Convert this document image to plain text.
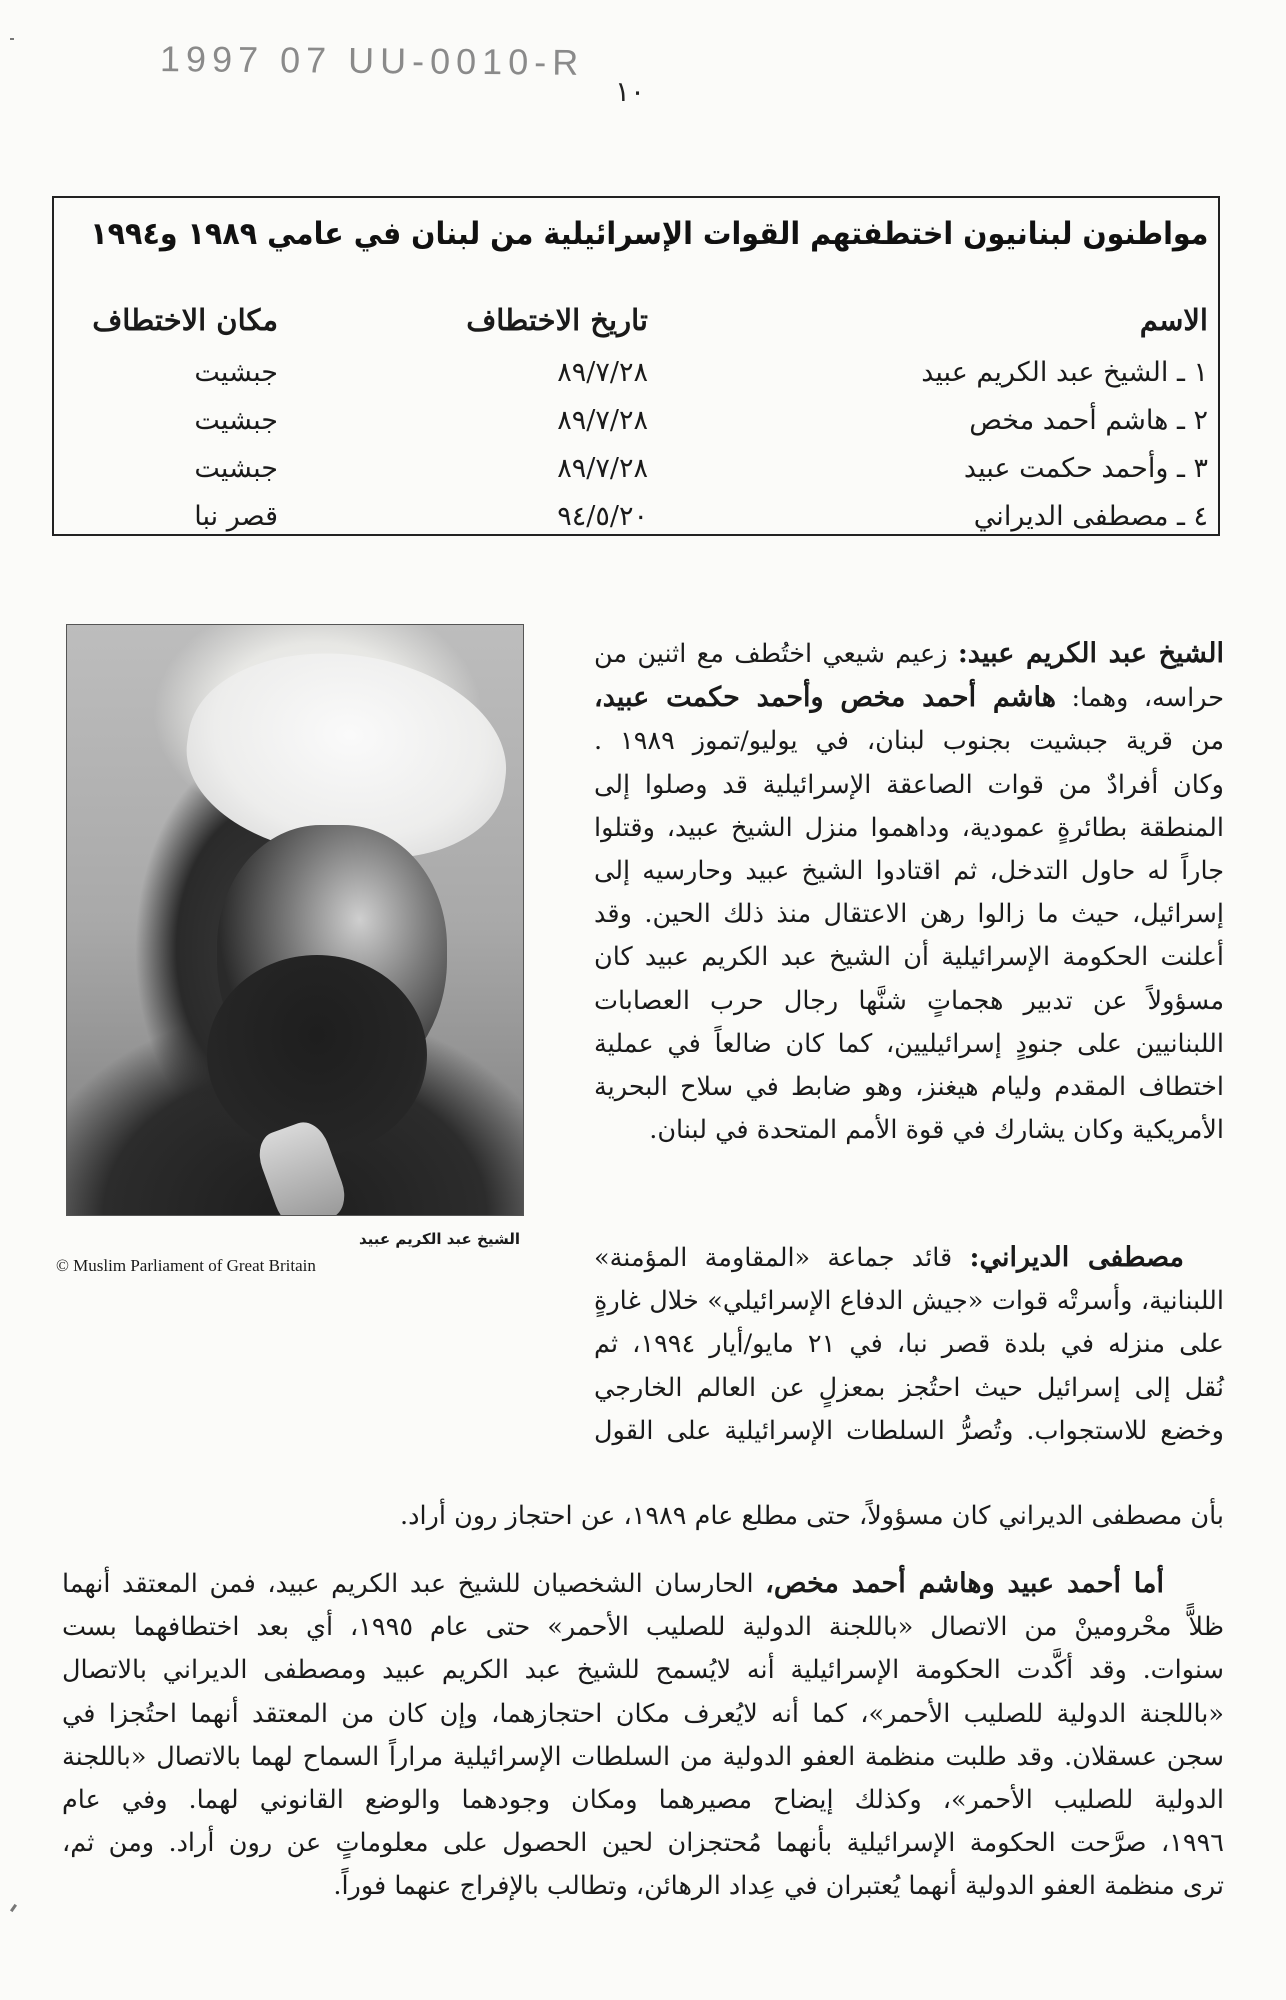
1997 07 UU-0010-R
١٠
مواطنون لبنانيون اختطفتهم القوات الإسرائيلية من لبنان في عامي ١٩٨٩ و١٩٩٤
الاسم	تاريخ الاختطاف	مكان الاختطاف
١ ـ الشيخ عبد الكريم عبيد	٨٩/٧/٢٨	جبشيت
٢ ـ هاشم أحمد مخص	٨٩/٧/٢٨	جبشيت
٣ ـ وأحمد حكمت عبيد	٨٩/٧/٢٨	جبشيت
٤ ـ مصطفى الديراني	٩٤/٥/٢٠	قصر نبا
الشيخ عبد الكريم عبيد
© Muslim Parliament of Great Britain
الشيخ عبد الكريم عبيد: زعيم شيعي اختُطف مع اثنين من
حراسه، وهما: هاشم أحمد مخص وأحمد حكمت عبيد،
من قرية جبشيت بجنوب لبنان، في يوليو/تموز ١٩٨٩ .
وكان أفرادٌ من قوات الصاعقة الإسرائيلية قد وصلوا إلى
المنطقة بطائرةٍ عمودية، وداهموا منزل الشيخ عبيد، وقتلوا
جاراً له حاول التدخل، ثم اقتادوا الشيخ عبيد وحارسيه إلى
إسرائيل، حيث ما زالوا رهن الاعتقال منذ ذلك الحين. وقد
أعلنت الحكومة الإسرائيلية أن الشيخ عبد الكريم عبيد كان
مسؤولاً عن تدبير هجماتٍ شنَّها رجال حرب العصابات
اللبنانيين على جنودٍ إسرائيليين، كما كان ضالعاً في عملية
اختطاف المقدم وليام هيغنز، وهو ضابط في سلاح البحرية
الأمريكية وكان يشارك في قوة الأمم المتحدة في لبنان.
مصطفى الديراني: قائد جماعة «المقاومة المؤمنة»
اللبنانية، وأسرتْه قوات «جيش الدفاع الإسرائيلي» خلال غارةٍ
على منزله في بلدة قصر نبا، في ٢١ مايو/أيار ١٩٩٤، ثم
نُقل إلى إسرائيل حيث احتُجز بمعزلٍ عن العالم الخارجي
وخضع للاستجواب. وتُصرُّ السلطات الإسرائيلية على القول
بأن مصطفى الديراني كان مسؤولاً، حتى مطلع عام ١٩٨٩، عن احتجاز رون أراد.
أما أحمد عبيد وهاشم أحمد مخص، الحارسان الشخصيان للشيخ عبد الكريم عبيد، فمن المعتقد أنهما
ظلاًّ محْرومينْ من الاتصال «باللجنة الدولية للصليب الأحمر» حتى عام ١٩٩٥، أي بعد اختطافهما بست
سنوات. وقد أكَّدت الحكومة الإسرائيلية أنه لايُسمح للشيخ عبد الكريم عبيد ومصطفى الديراني بالاتصال
«باللجنة الدولية للصليب الأحمر»، كما أنه لايُعرف مكان احتجازهما، وإن كان من المعتقد أنهما احتُجزا في
سجن عسقلان. وقد طلبت منظمة العفو الدولية من السلطات الإسرائيلية مراراً السماح لهما بالاتصال «باللجنة
الدولية للصليب الأحمر»، وكذلك إيضاح مصيرهما ومكان وجودهما والوضع القانوني لهما. وفي عام
١٩٩٦، صرَّحت الحكومة الإسرائيلية بأنهما مُحتجزان لحين الحصول على معلوماتٍ عن رون أراد. ومن ثم،
ترى منظمة العفو الدولية أنهما يُعتبران في عِداد الرهائن، وتطالب بالإفراج عنهما فوراً.
